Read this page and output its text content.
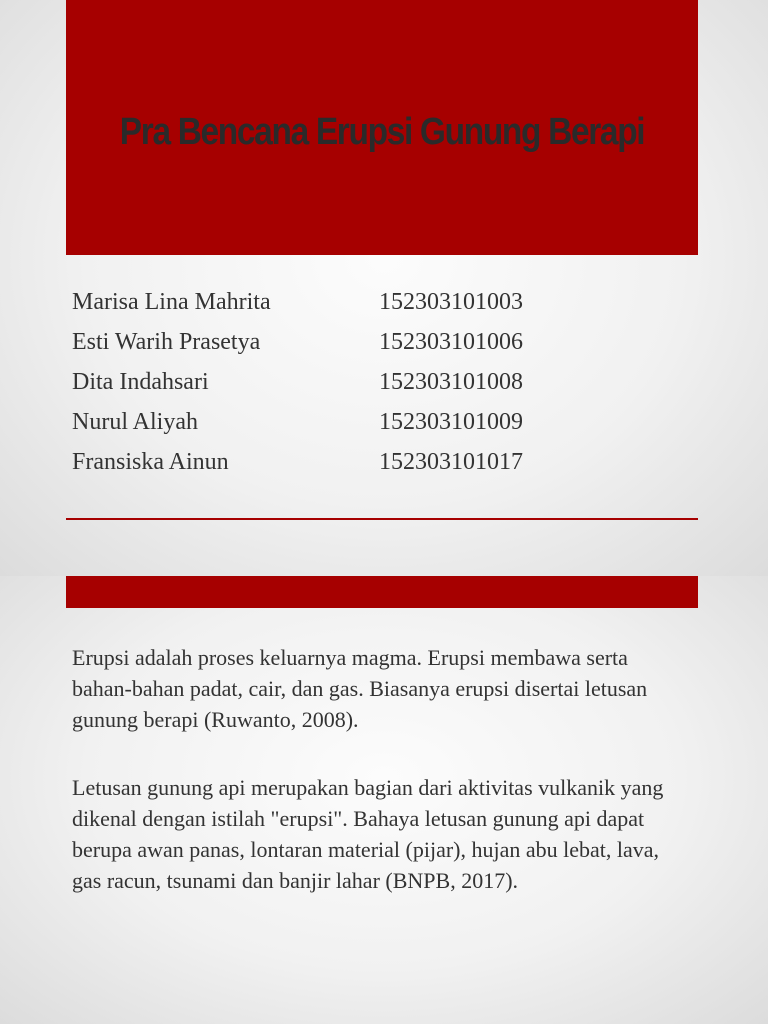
Pra Bencana Erupsi Gunung Berapi
Marisa Lina Mahrita	152303101003
Esti Warih Prasetya	152303101006
Dita Indahsari	152303101008
Nurul Aliyah	152303101009
Fransiska Ainun	152303101017
Erupsi adalah proses keluarnya magma. Erupsi membawa serta bahan-bahan padat, cair, dan gas. Biasanya erupsi disertai letusan gunung berapi (Ruwanto, 2008).
Letusan gunung api merupakan bagian dari aktivitas vulkanik yang dikenal dengan istilah "erupsi". Bahaya letusan gunung api dapat berupa awan panas, lontaran material (pijar), hujan abu lebat, lava, gas racun, tsunami dan banjir lahar (BNPB, 2017).
